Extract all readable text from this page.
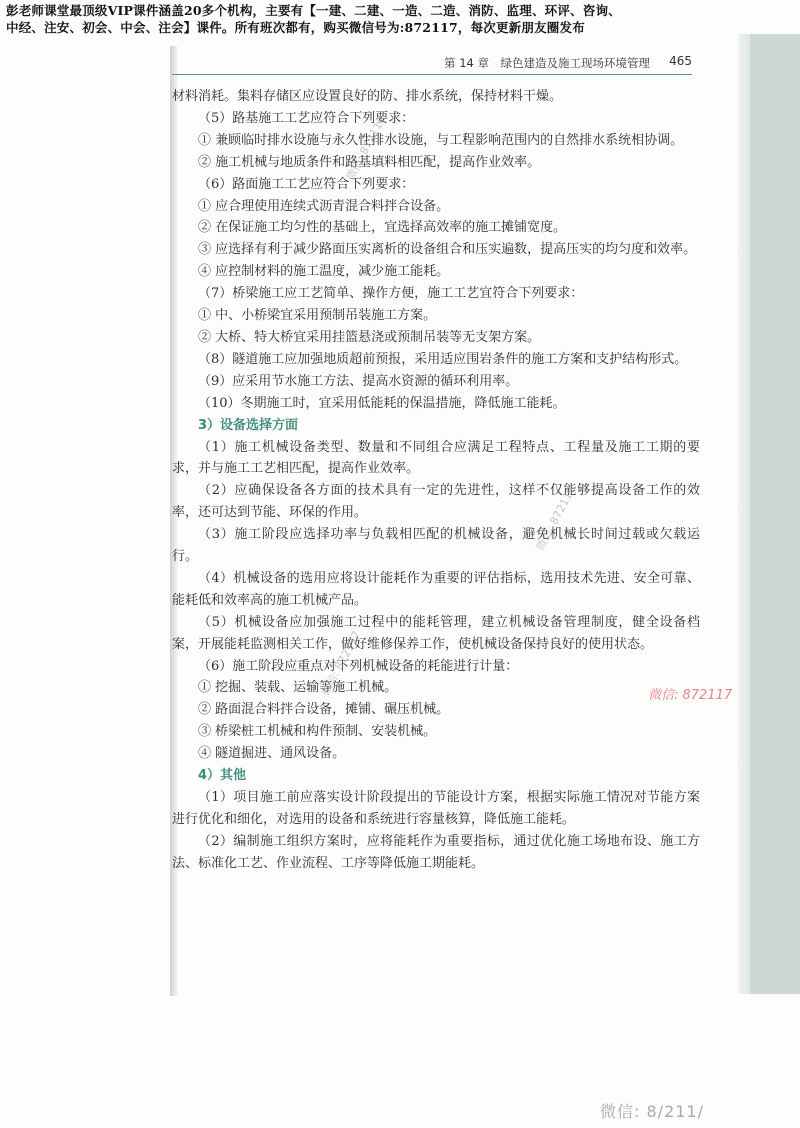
彭老师课堂最顶级VIP课件涵盖20多个机构，主要有【一建、二建、一造、二造、消防、监理、环评、咨询、
中经、注安、初会、中会、注会】课件。所有班次都有，购买微信号为:872117，每次更新朋友圈发布
第 14 章　绿色建造及施工现场环境管理 465

材料消耗。集料存储区应设置良好的防、排水系统，保持材料干燥。

（5）路基施工工艺应符合下列要求：

① 兼顾临时排水设施与永久性排水设施，与工程影响范围内的自然排水系统相协调。

② 施工机械与地质条件和路基填料相匹配，提高作业效率。

（6）路面施工工艺应符合下列要求：

① 应合理使用连续式沥青混合料拌合设备。

② 在保证施工均匀性的基础上，宜选择高效率的施工摊铺宽度。

③ 应选择有利于减少路面压实离析的设备组合和压实遍数，提高压实的均匀度和效率。

④ 应控制材料的施工温度，减少施工能耗。

（7）桥梁施工应工艺简单、操作方便，施工工艺宜符合下列要求：

① 中、小桥梁宜采用预制吊装施工方案。

② 大桥、特大桥宜采用挂篮悬浇或预制吊装等无支架方案。

（8）隧道施工应加强地质超前预报，采用适应围岩条件的施工方案和支护结构形式。

（9）应采用节水施工方法、提高水资源的循环利用率。

（10）冬期施工时，宜采用低能耗的保温措施，降低施工能耗。

3）设备选择方面

（1）施工机械设备类型、数量和不同组合应满足工程特点、工程量及施工工期的要求，并与施工工艺相匹配，提高作业效率。

（2）应确保设备各方面的技术具有一定的先进性，这样不仅能够提高设备工作的效率，还可达到节能、环保的作用。

（3）施工阶段应选择功率与负载相匹配的机械设备，避免机械长时间过载或欠载运行。

（4）机械设备的选用应将设计能耗作为重要的评估指标，选用技术先进、安全可靠、能耗低和效率高的施工机械产品。

（5）机械设备应加强施工过程中的能耗管理，建立机械设备管理制度，健全设备档案，开展能耗监测相关工作，做好维修保养工作，使机械设备保持良好的使用状态。

（6）施工阶段应重点对下列机械设备的耗能进行计量：

① 挖掘、装载、运输等施工机械。

② 路面混合料拌合设备，摊铺、碾压机械。

③ 桥梁桩工机械和构件预制、安装机械。

④ 隧道掘进、通风设备。

4）其他

（1）项目施工前应落实设计阶段提出的节能设计方案，根据实际施工情况对节能方案进行优化和细化，对选用的设备和系统进行容量核算，降低施工能耗。

（2）编制施工组织方案时，应将能耗作为重要指标，通过优化施工场地布设、施工方法、标准化工艺、作业流程、工序等降低施工期能耗。

微信: 872117
微信: 872117
微信: 872117	微信: 872117
微信: 8/211/
